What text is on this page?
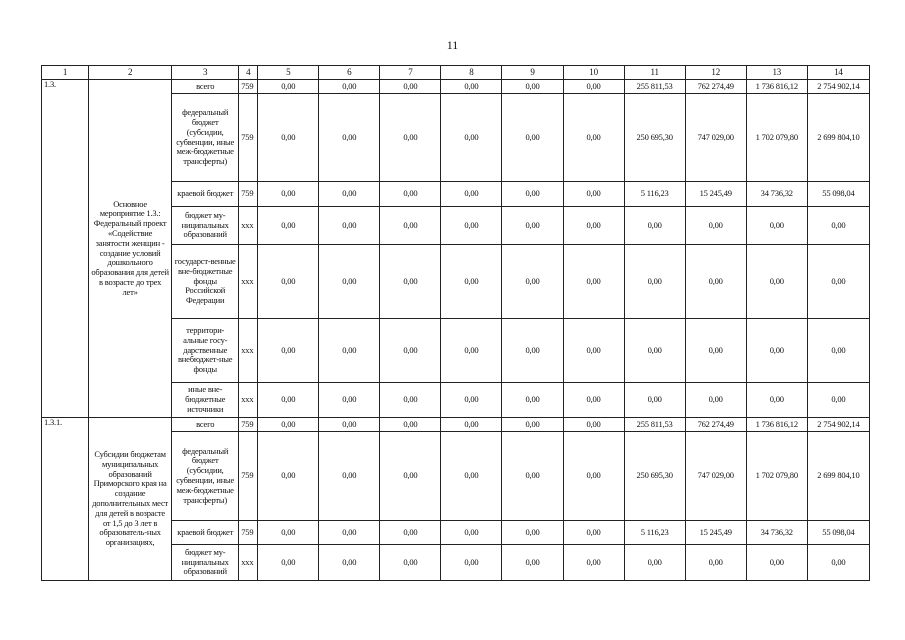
11
1	2	3	4	5	6	7	8	9	10	11	12	13	14
1.3.	Основное мероприятие 1.3.: Федеральный проект «Содействие занятости женщин - создание условий дошкольного образования для детей в возрасте до трех лет»	всего	759	0,00	0,00	0,00	0,00	0,00	0,00	255 811,53	762 274,49	1 736 816,12	2 754 902,14
		федеральный бюджет (субсидии, субвенции, иные меж-бюджетные трансферты)	759	0,00	0,00	0,00	0,00	0,00	0,00	250 695,30	747 029,00	1 702 079,80	2 699 804,10
		краевой бюджет	759	0,00	0,00	0,00	0,00	0,00	0,00	5 116,23	15 245,49	34 736,32	55 098,04
		бюджет му-ниципальных образований	ххх	0,00	0,00	0,00	0,00	0,00	0,00	0,00	0,00	0,00	0,00
		государст-венные вне-бюджетные фонды Российской Федерации	ххх	0,00	0,00	0,00	0,00	0,00	0,00	0,00	0,00	0,00	0,00
		территори-альные госу-дарственные внебюджет-ные фонды	ххх	0,00	0,00	0,00	0,00	0,00	0,00	0,00	0,00	0,00	0,00
		иные вне-бюджетные источники	ххх	0,00	0,00	0,00	0,00	0,00	0,00	0,00	0,00	0,00	0,00
1.3.1.	Субсидии бюджетам муниципальных образований Приморского края на создание дополнительных мест для детей в возрасте от 1,5 до 3 лет в образователь-ных организациях,	всего	759	0,00	0,00	0,00	0,00	0,00	0,00	255 811,53	762 274,49	1 736 816,12	2 754 902,14
		федеральный бюджет (субсидии, субвенции, иные меж-бюджетные трансферты)	759	0,00	0,00	0,00	0,00	0,00	0,00	250 695,30	747 029,00	1 702 079,80	2 699 804,10
		краевой бюджет	759	0,00	0,00	0,00	0,00	0,00	0,00	5 116,23	15 245,49	34 736,32	55 098,04
		бюджет му-ниципальных образований	ххх	0,00	0,00	0,00	0,00	0,00	0,00	0,00	0,00	0,00	0,00
